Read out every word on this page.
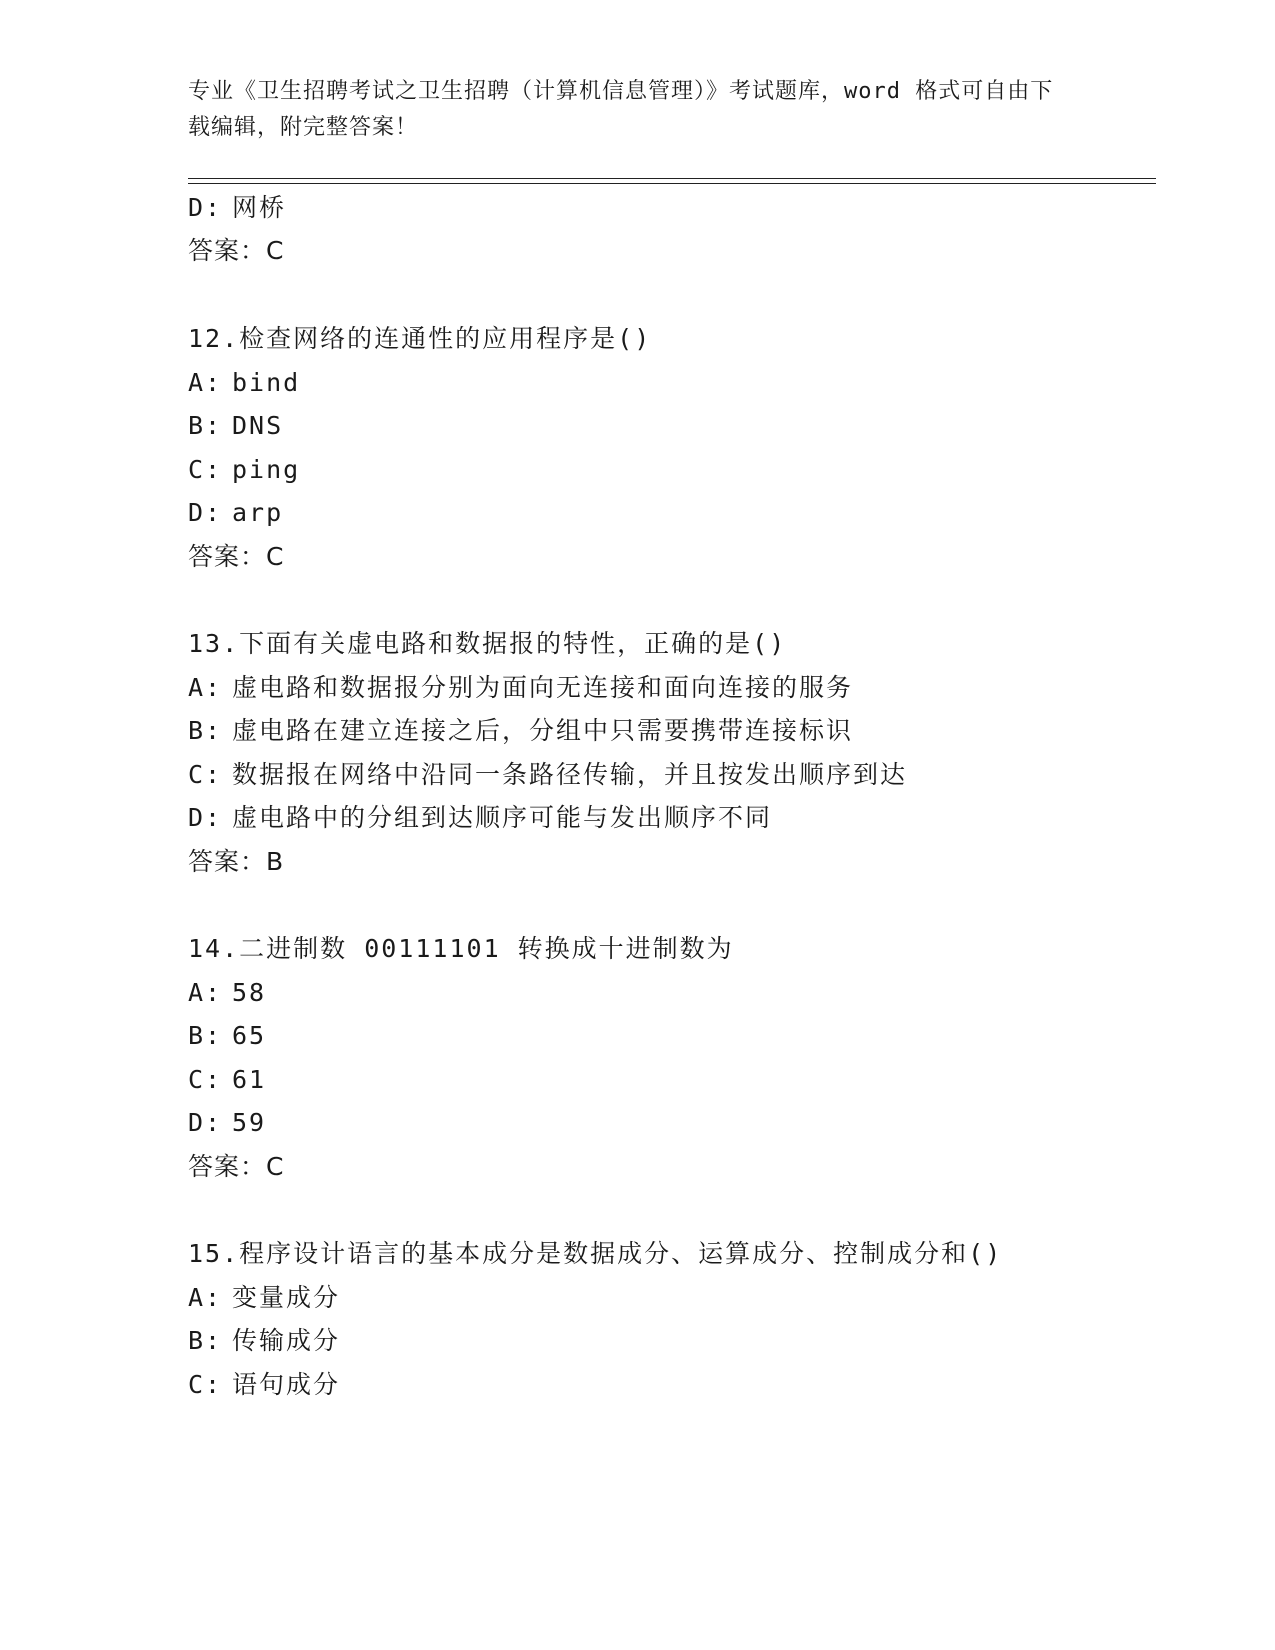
专业《卫生招聘考试之卫生招聘（计算机信息管理）》考试题库，word 格式可自由下载编辑，附完整答案！
D: 网桥
答案：C
12.检查网络的连通性的应用程序是()
A: bind
B: DNS
C: ping
D: arp
答案：C
13.下面有关虚电路和数据报的特性，正确的是()
A: 虚电路和数据报分别为面向无连接和面向连接的服务
B: 虚电路在建立连接之后，分组中只需要携带连接标识
C: 数据报在网络中沿同一条路径传输，并且按发出顺序到达
D: 虚电路中的分组到达顺序可能与发出顺序不同
答案：B
14.二进制数 00111101 转换成十进制数为
A: 58
B: 65
C: 61
D: 59
答案：C
15.程序设计语言的基本成分是数据成分、运算成分、控制成分和()
A: 变量成分
B: 传输成分
C: 语句成分
